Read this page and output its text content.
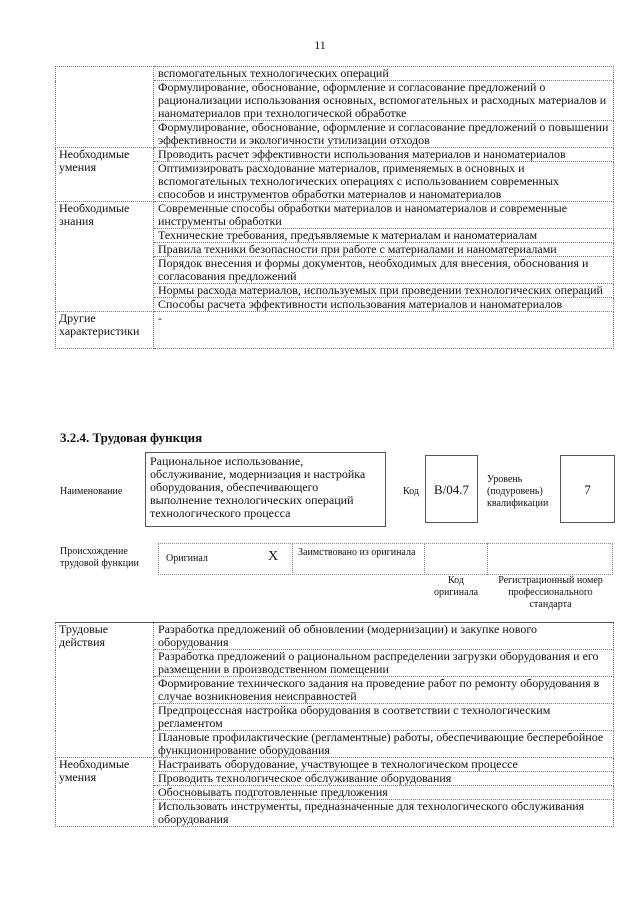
11
	вспомогательных технологических операций
	Формулирование, обоснование, оформление и согласование предложений о рационализации использования основных, вспомогательных и расходных материалов и наноматериалов при технологической обработке
	Формулирование, обоснование, оформление и согласование предложений о повышении эффективности и экологичности утилизации отходов
Необходимые умения	Проводить расчет эффективности использования материалов и наноматериалов
	Оптимизировать расходование материалов, применяемых в основных и вспомогательных технологических операциях с использованием современных способов и инструментов обработки материалов и наноматериалов
Необходимые знания	Современные способы обработки материалов и наноматериалов и современные инструменты обработки
	Технические требования, предъявляемые к материалам и наноматериалам
	Правила техники безопасности при работе с материалами и наноматериалами
	Порядок внесения и формы документов, необходимых для внесения, обоснования и согласования предложений
	Нормы расхода материалов, используемых при проведении технологических операций
	Способы расчета эффективности использования материалов и наноматериалов
Другие характеристики	-
3.2.4. Трудовая функция
Наименование
Рациональное использование, обслуживание, модернизация и настройка оборудования, обеспечивающего выполнение технологических операций технологического процесса
Код	B/04.7
Уровень (подуровень) квалификации
7
Происхождение трудовой функции	Оригинал	X Заимствовано из оригинала
Код оригинала
Регистрационный номер профессионального стандарта
Трудовые действия	Разработка предложений об обновлении (модернизации) и закупке нового оборудования
	Разработка предложений о рациональном распределении загрузки оборудования и его размещении в производственном помещении
	Формирование технического задания на проведение работ по ремонту оборудования в случае возникновения неисправностей
	Предпроцессная настройка оборудования в соответствии с технологическим регламентом
	Плановые профилактические (регламентные) работы, обеспечивающие бесперебойное функционирование оборудования
Необходимые умения	Настраивать оборудование, участвующее в технологическом процессе
	Проводить технологическое обслуживание оборудования
	Обосновывать подготовленные предложения
	Использовать инструменты, предназначенные для технологического обслуживания оборудования
